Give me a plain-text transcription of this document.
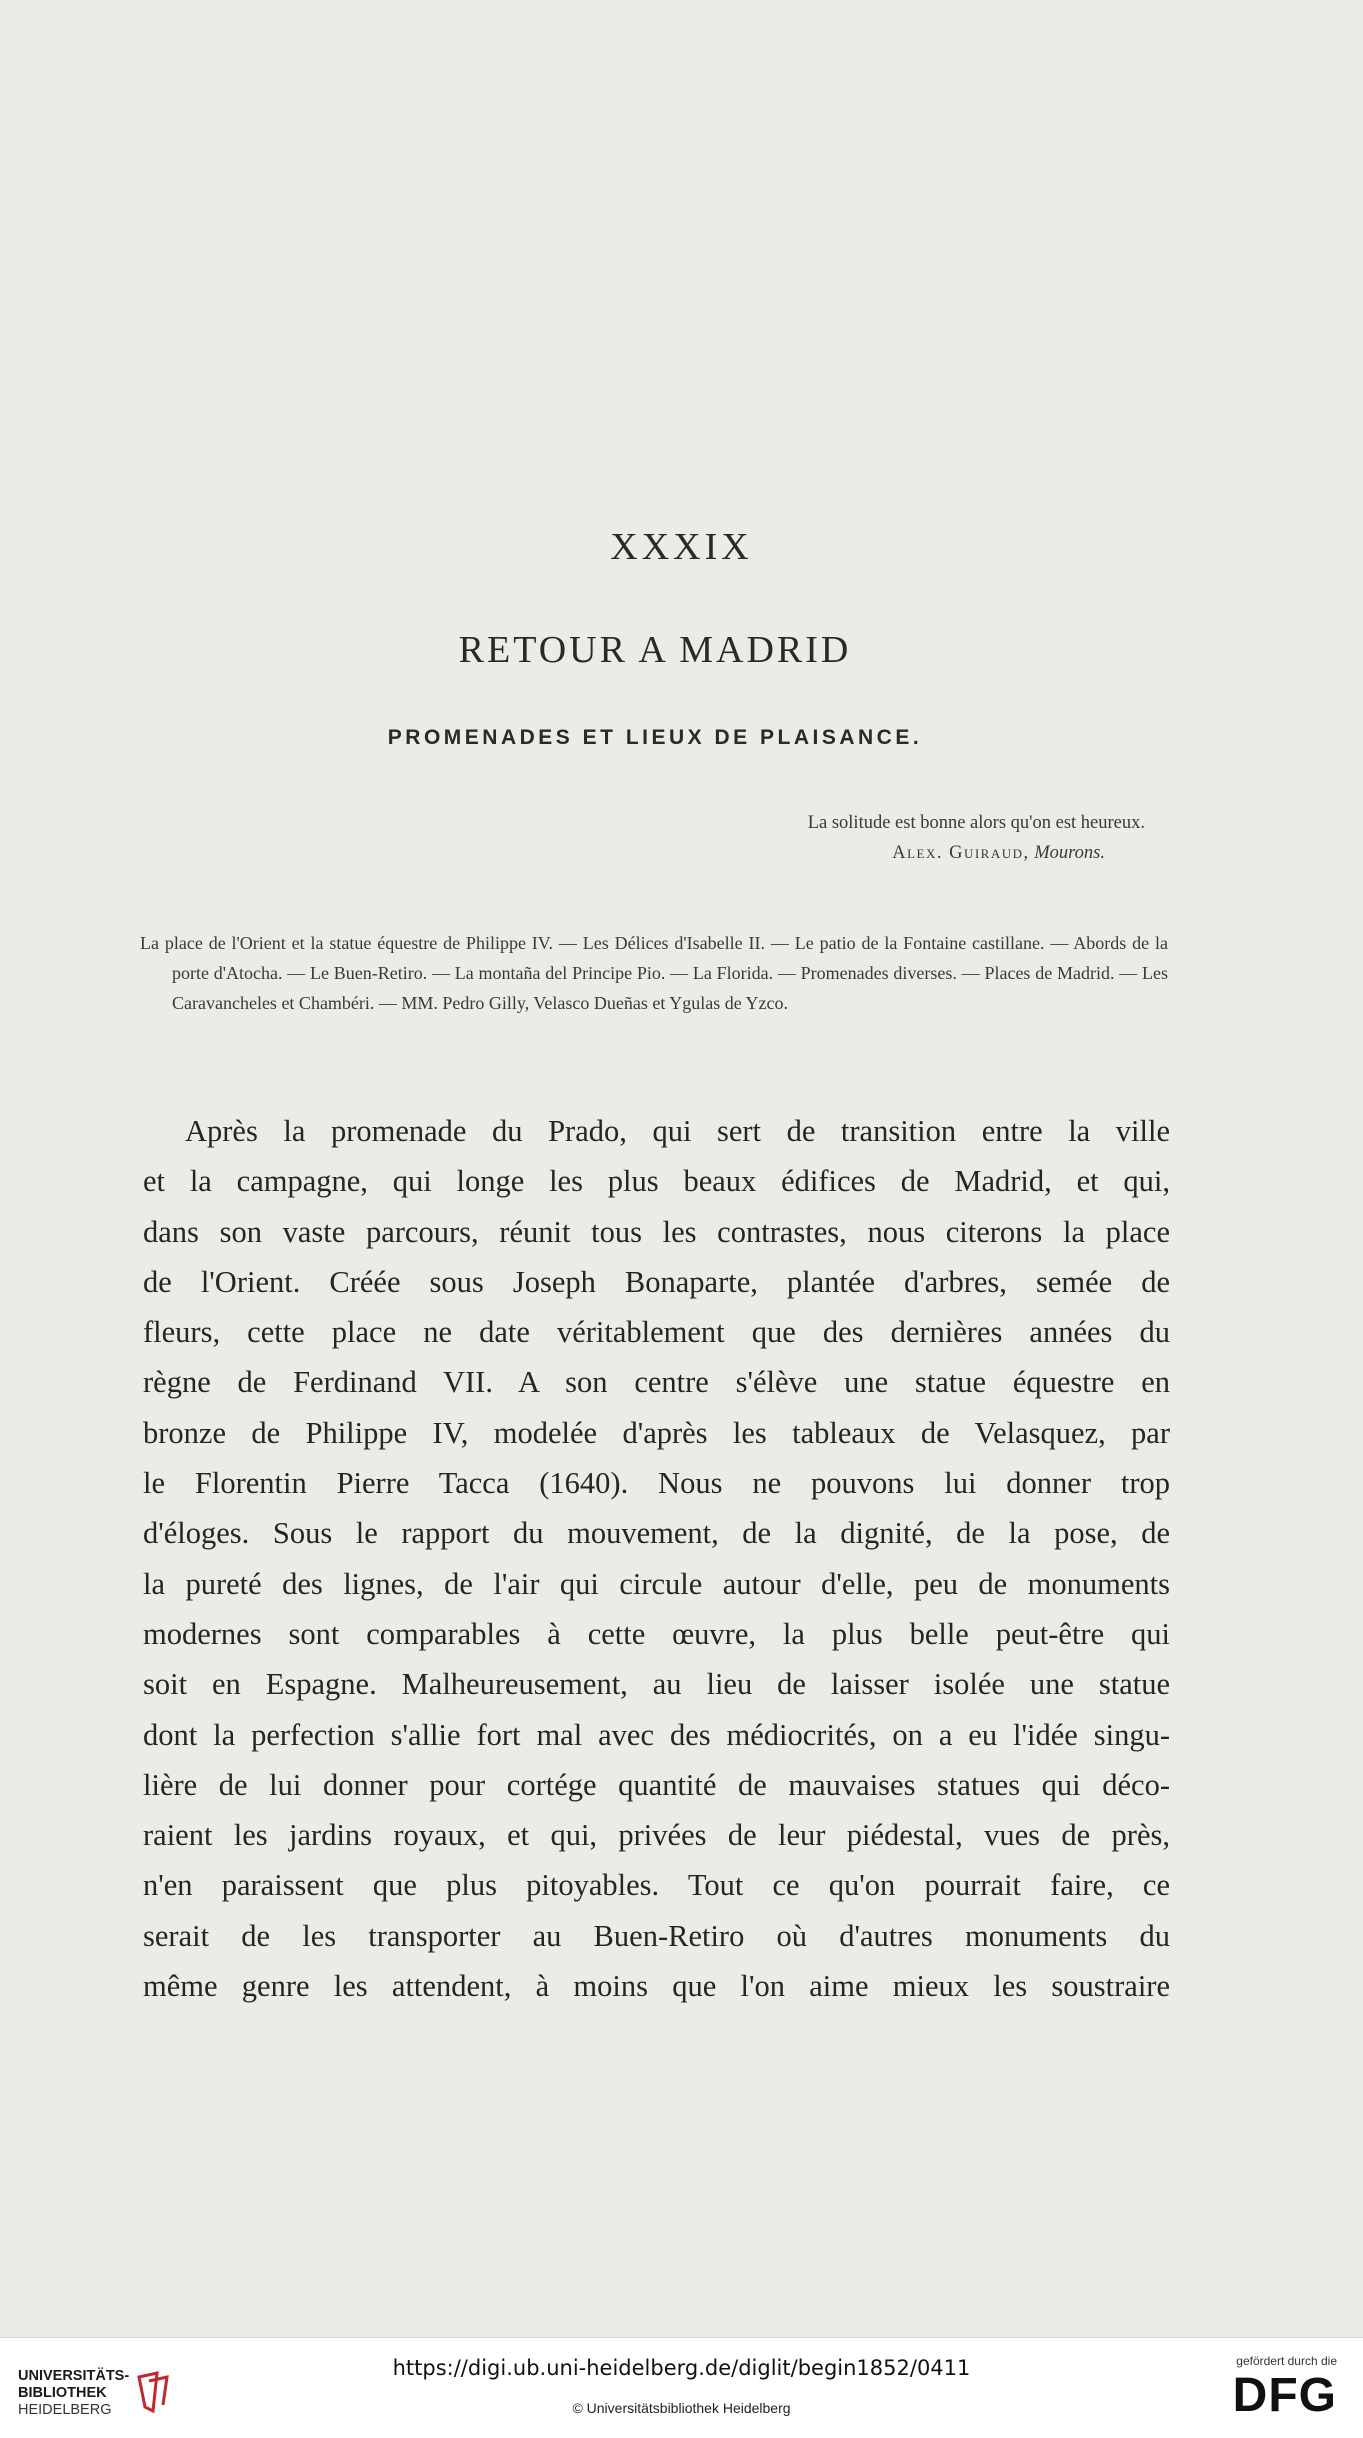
XXXIX
RETOUR A MADRID
PROMENADES ET LIEUX DE PLAISANCE.
La solitude est bonne alors qu'on est heureux.
Alex. Guiraud, Mourons.
La place de l'Orient et la statue équestre de Philippe IV. — Les Délices d'Isabelle II. — Le patio de la Fontaine castillane. — Abords de la porte d'Atocha. — Le Buen-Retiro. — La montaña del Principe Pio. — La Florida. — Promenades diverses. — Places de Madrid. — Les Caravancheles et Chambéri. — MM. Pedro Gilly, Velasco Dueñas et Ygulas de Yzco.
Après la promenade du Prado, qui sert de transition entre la ville
et la campagne, qui longe les plus beaux édifices de Madrid, et qui,
dans son vaste parcours, réunit tous les contrastes, nous citerons la place
de l'Orient. Créée sous Joseph Bonaparte, plantée d'arbres, semée de
fleurs, cette place ne date véritablement que des dernières années du
règne de Ferdinand VII. A son centre s'élève une statue équestre en
bronze de Philippe IV, modelée d'après les tableaux de Velasquez, par
le Florentin Pierre Tacca (1640). Nous ne pouvons lui donner trop
d'éloges. Sous le rapport du mouvement, de la dignité, de la pose, de
la pureté des lignes, de l'air qui circule autour d'elle, peu de monuments
modernes sont comparables à cette œuvre, la plus belle peut-être qui
soit en Espagne. Malheureusement, au lieu de laisser isolée une statue
dont la perfection s'allie fort mal avec des médiocrités, on a eu l'idée singu-
lière de lui donner pour cortége quantité de mauvaises statues qui déco-
raient les jardins royaux, et qui, privées de leur piédestal, vues de près,
n'en paraissent que plus pitoyables. Tout ce qu'on pourrait faire, ce
serait de les transporter au Buen-Retiro où d'autres monuments du
même genre les attendent, à moins que l'on aime mieux les soustraire
UNIVERSITÄTS-
BIBLIOTHEK
HEIDELBERG
https://digi.ub.uni-heidelberg.de/diglit/begin1852/0411
© Universitätsbibliothek Heidelberg
gefördert durch die
DFG
